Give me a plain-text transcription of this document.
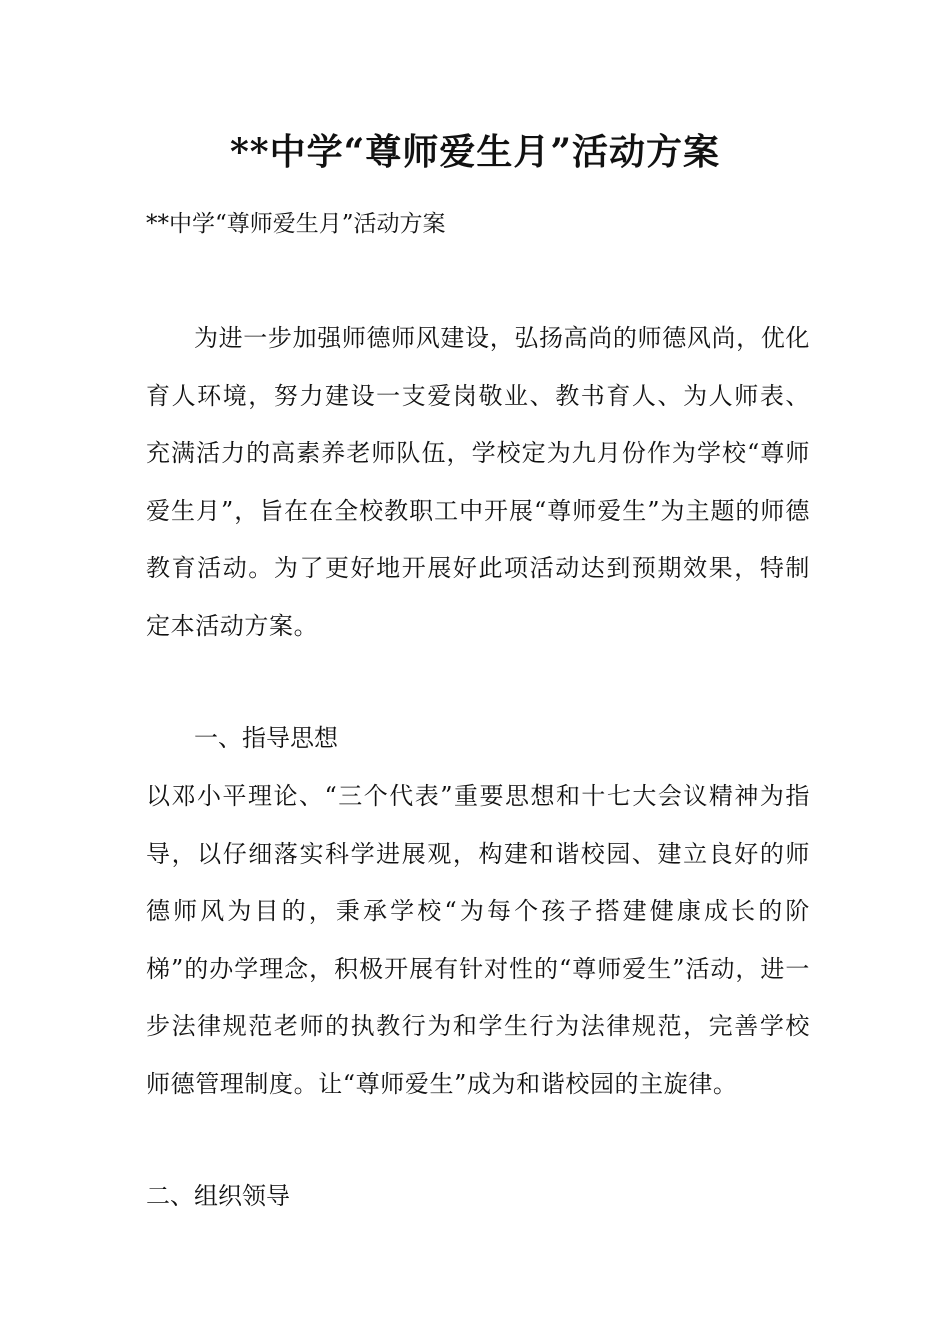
**中学“尊师爱生月”活动方案

**中学“尊师爱生月”活动方案

为进一步加强师德师风建设，弘扬高尚的师德风尚，优化育人环境，努力建设一支爱岗敬业、教书育人、为人师表、充满活力的高素养老师队伍，学校定为九月份作为学校“尊师爱生月”，旨在在全校教职工中开展“尊师爱生”为主题的师德教育活动。为了更好地开展好此项活动达到预期效果，特制定本活动方案。

一、指导思想

以邓小平理论、“三个代表”重要思想和十七大会议精神为指导，以仔细落实科学进展观，构建和谐校园、建立良好的师德师风为目的，秉承学校“为每个孩子搭建健康成长的阶梯”的办学理念，积极开展有针对性的“尊师爱生”活动，进一步法律规范老师的执教行为和学生行为法律规范，完善学校师德管理制度。让“尊师爱生”成为和谐校园的主旋律。

二、组织领导
